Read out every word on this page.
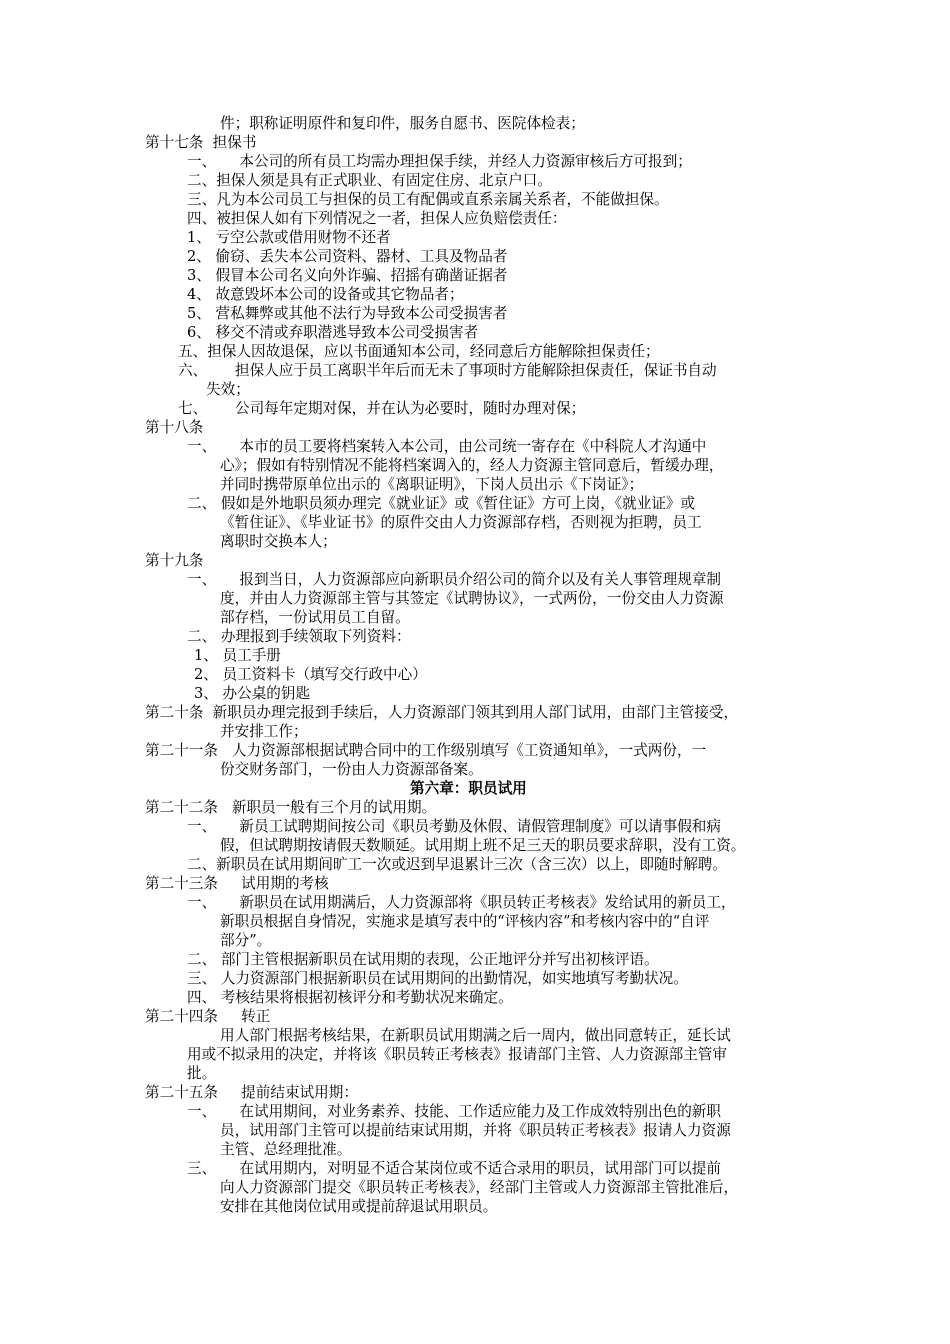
件；职称证明原件和复印件，服务自愿书、医院体检表；
第十七条  担保书
一、     本公司的所有员工均需办理担保手续，并经人力资源审核后方可报到；
二、担保人须是具有正式职业、有固定住房、北京户口。
三、凡为本公司员工与担保的员工有配偶或直系亲属关系者，不能做担保。
四、被担保人如有下列情况之一者，担保人应负赔偿责任：
1、 亏空公款或借用财物不还者
2、 偷窃、丢失本公司资料、器材、工具及物品者
3、 假冒本公司名义向外诈骗、招摇有确凿证据者
4、 故意毁坏本公司的设备或其它物品者；
5、 营私舞弊或其他不法行为导致本公司受损害者
6、 移交不清或弃职潜逃导致本公司受损害者
五、担保人因故退保，应以书面通知本公司，经同意后方能解除担保责任；
六、      担保人应于员工离职半年后而无未了事项时方能解除担保责任，保证书自动
失效；
七、      公司每年定期对保，并在认为必要时，随时办理对保；
第十八条
一、     本市的员工要将档案转入本公司，由公司统一寄存在《中科院人才沟通中
心》；假如有特别情况不能将档案调入的，经人力资源主管同意后，暂缓办理，
并同时携带原单位出示的《离职证明》，下岗人员出示《下岗证》；
二、 假如是外地职员须办理完《就业证》或《暂住证》方可上岗，《就业证》或
《暂住证》、《毕业证书》的原件交由人力资源部存档，否则视为拒聘，员工
离职时交换本人；
第十九条
一、     报到当日，人力资源部应向新职员介绍公司的简介以及有关人事管理规章制
度，并由人力资源部主管与其签定《试聘协议》，一式两份，一份交由人力资源
部存档，一份试用员工自留。
二、 办理报到手续领取下列资料：
1、 员工手册
2、 员工资料卡（填写交行政中心）
3、 办公桌的钥匙
第二十条  新职员办理完报到手续后，人力资源部门领其到用人部门试用，由部门主管接受，
并安排工作；
第二十一条   人力资源部根据试聘合同中的工作级别填写《工资通知单》，一式两份，一
份交财务部门，一份由人力资源部备案。
第六章：职员试用
第二十二条   新职员一般有三个月的试用期。
一、     新员工试聘期间按公司《职员考勤及休假、请假管理制度》可以请事假和病
假，但试聘期按请假天数顺延。试用期上班不足三天的职员要求辞职，没有工资。
二、新职员在试用期间旷工一次或迟到早退累计三次（含三次）以上，即随时解聘。
第二十三条     试用期的考核
一、     新职员在试用期满后，人力资源部将《职员转正考核表》发给试用的新员工，
新职员根据自身情况，实施求是填写表中的“评核内容”和考核内容中的“自评
部分”。
二、 部门主管根据新职员在试用期的表现，公正地评分并写出初核评语。
三、 人力资源部门根据新职员在试用期间的出勤情况，如实地填写考勤状况。
四、 考核结果将根据初核评分和考勤状况来确定。
第二十四条     转正
用人部门根据考核结果，在新职员试用期满之后一周内，做出同意转正，延长试
用或不拟录用的决定，并将该《职员转正考核表》报请部门主管、人力资源部主管审
批。
第二十五条     提前结束试用期：
一、     在试用期间，对业务素养、技能、工作适应能力及工作成效特别出色的新职
员，试用部门主管可以提前结束试用期，并将《职员转正考核表》报请人力资源
主管、总经理批准。
三、     在试用期内，对明显不适合某岗位或不适合录用的职员，试用部门可以提前
向人力资源部门提交《职员转正考核表》，经部门主管或人力资源部主管批准后，
安排在其他岗位试用或提前辞退试用职员。
